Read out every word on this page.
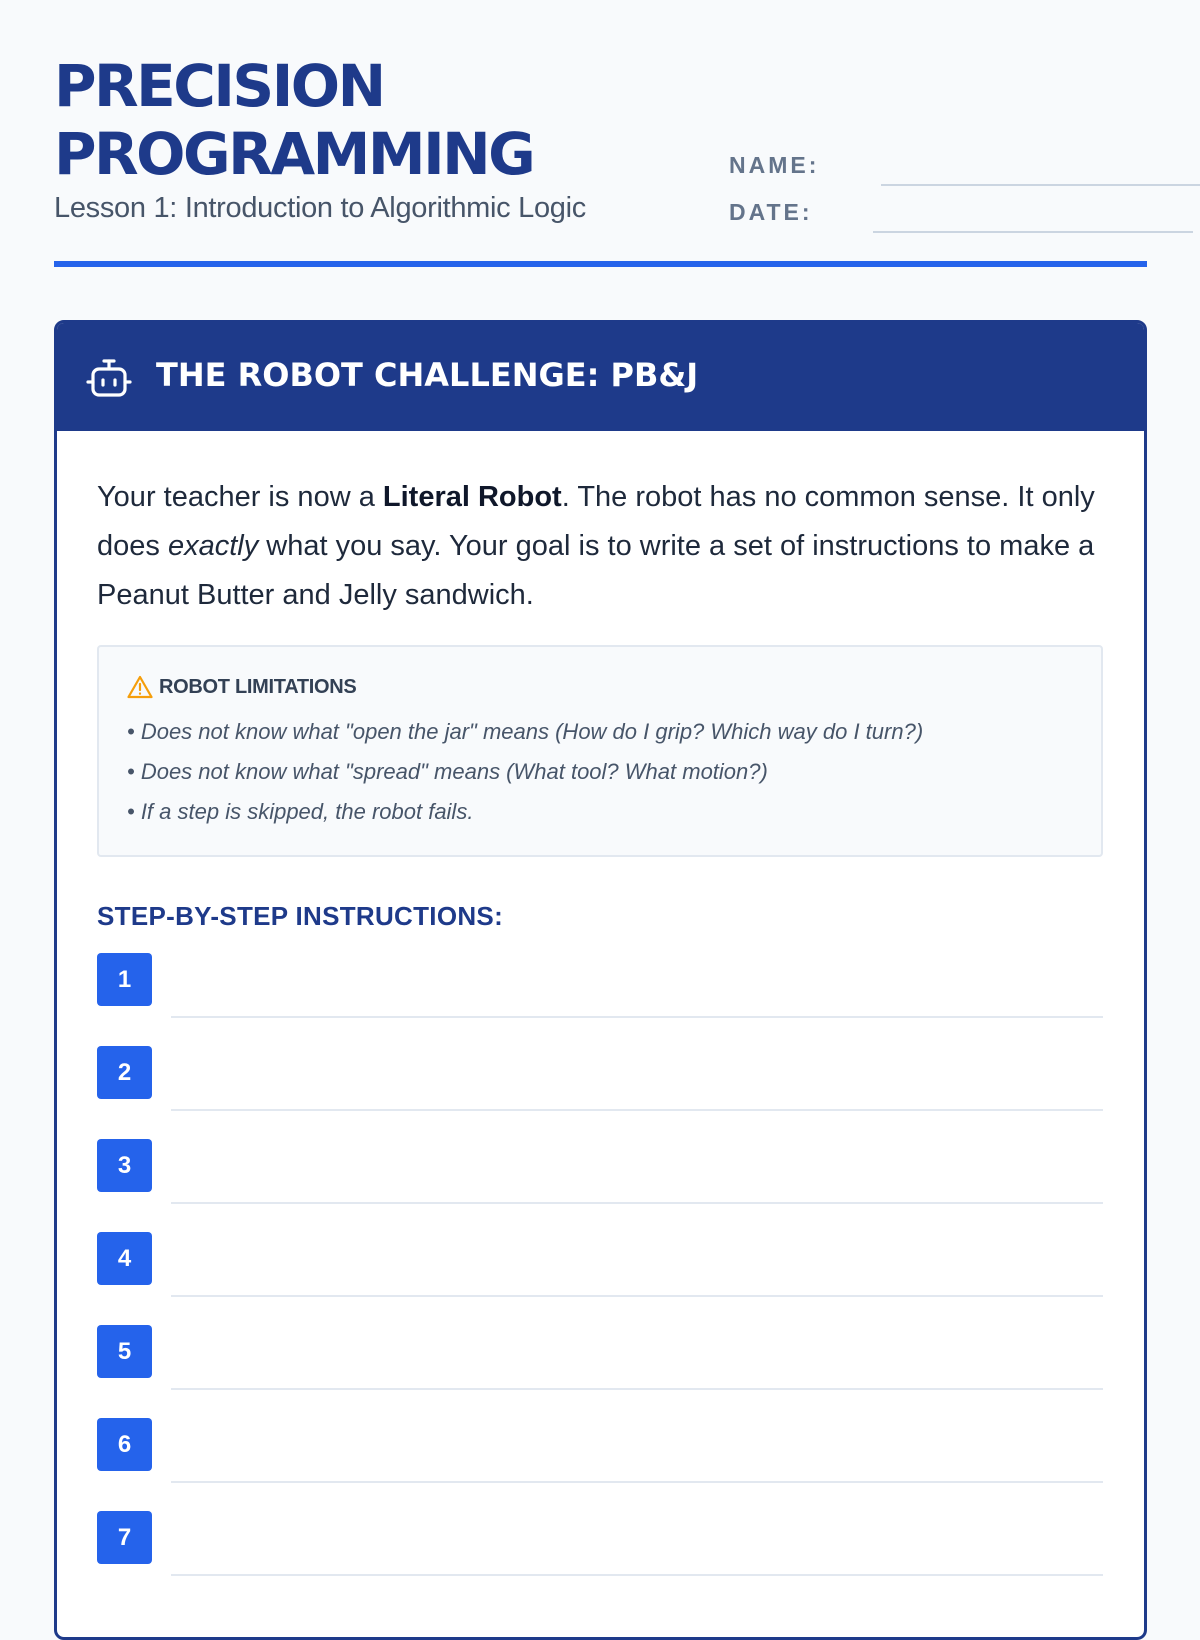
PRECISION
PROGRAMMING
Lesson 1: Introduction to Algorithmic Logic
NAME:
DATE:
THE ROBOT CHALLENGE: PB&J

Your teacher is now a Literal Robot. The robot has no common sense. It only does exactly what you say. Your goal is to write a set of instructions to make a Peanut Butter and Jelly sandwich.

ROBOT LIMITATIONS
• Does not know what "open the jar" means (How do I grip? Which way do I turn?)
• Does not know what "spread" means (What tool? What motion?)
• If a step is skipped, the robot fails.
STEP-BY-STEP INSTRUCTIONS:
1
2
3
4
5
6
7
